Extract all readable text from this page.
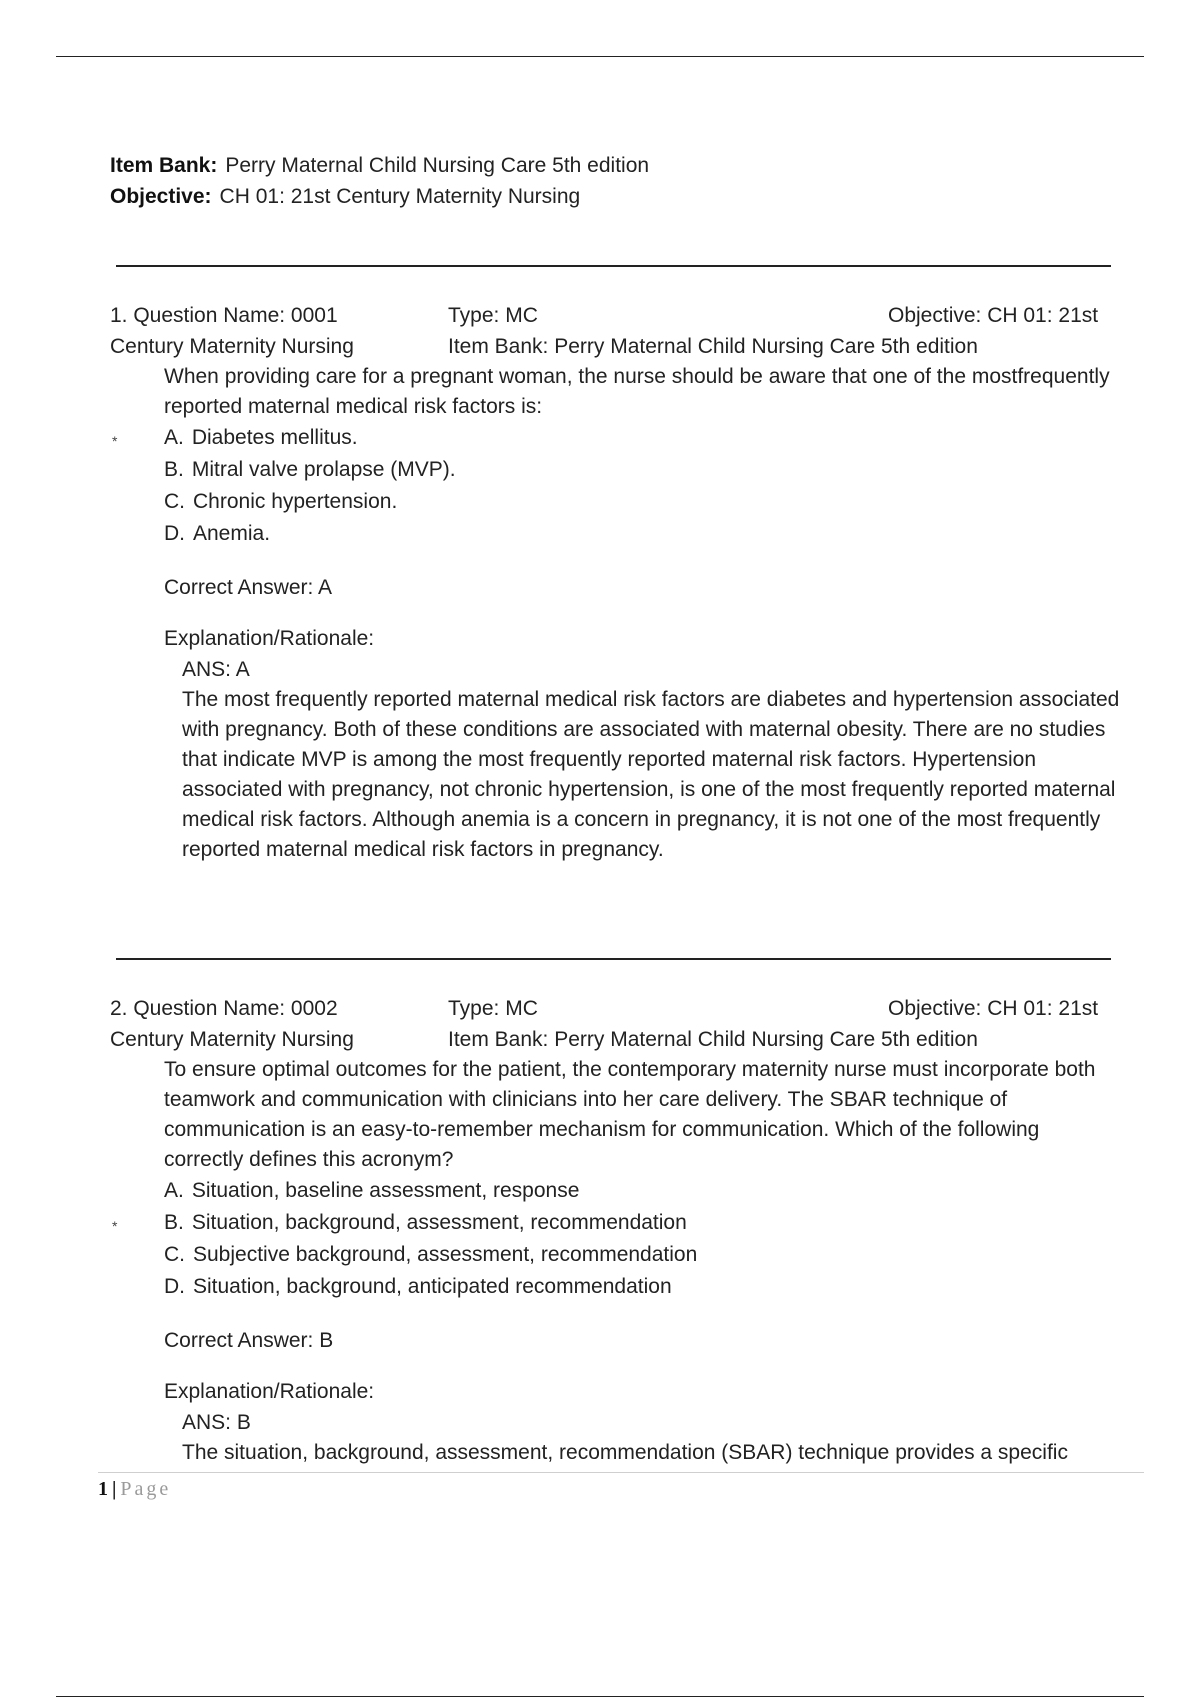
Item Bank: Perry Maternal Child Nursing Care 5th edition
Objective: CH 01: 21st Century Maternity Nursing
1. Question Name: 0001	Type: MC	Objective: CH 01: 21st
Century Maternity Nursing	Item Bank: Perry Maternal Child Nursing Care 5th edition
When providing care for a pregnant woman, the nurse should be aware that one of the mostfrequently reported maternal medical risk factors is:
* A. Diabetes mellitus.
B. Mitral valve prolapse (MVP).
C. Chronic hypertension.
D. Anemia.
Correct Answer: A
Explanation/Rationale:
ANS: A
The most frequently reported maternal medical risk factors are diabetes and hypertension associated with pregnancy. Both of these conditions are associated with maternal obesity. There are no studies that indicate MVP is among the most frequently reported maternal risk factors. Hypertension associated with pregnancy, not chronic hypertension, is one of the most frequently reported maternal medical risk factors. Although anemia is a concern in pregnancy, it is not one of the most frequently reported maternal medical risk factors in pregnancy.
2. Question Name: 0002	Type: MC	Objective: CH 01: 21st
Century Maternity Nursing	Item Bank: Perry Maternal Child Nursing Care 5th edition
To ensure optimal outcomes for the patient, the contemporary maternity nurse must incorporate both teamwork and communication with clinicians into her care delivery. The SBAR technique of communication is an easy-to-remember mechanism for communication. Which of the following correctly defines this acronym?
A. Situation, baseline assessment, response
* B. Situation, background, assessment, recommendation
C. Subjective background, assessment, recommendation
D. Situation, background, anticipated recommendation
Correct Answer: B
Explanation/Rationale:
ANS: B
The situation, background, assessment, recommendation (SBAR) technique provides a specific
1 | Page
